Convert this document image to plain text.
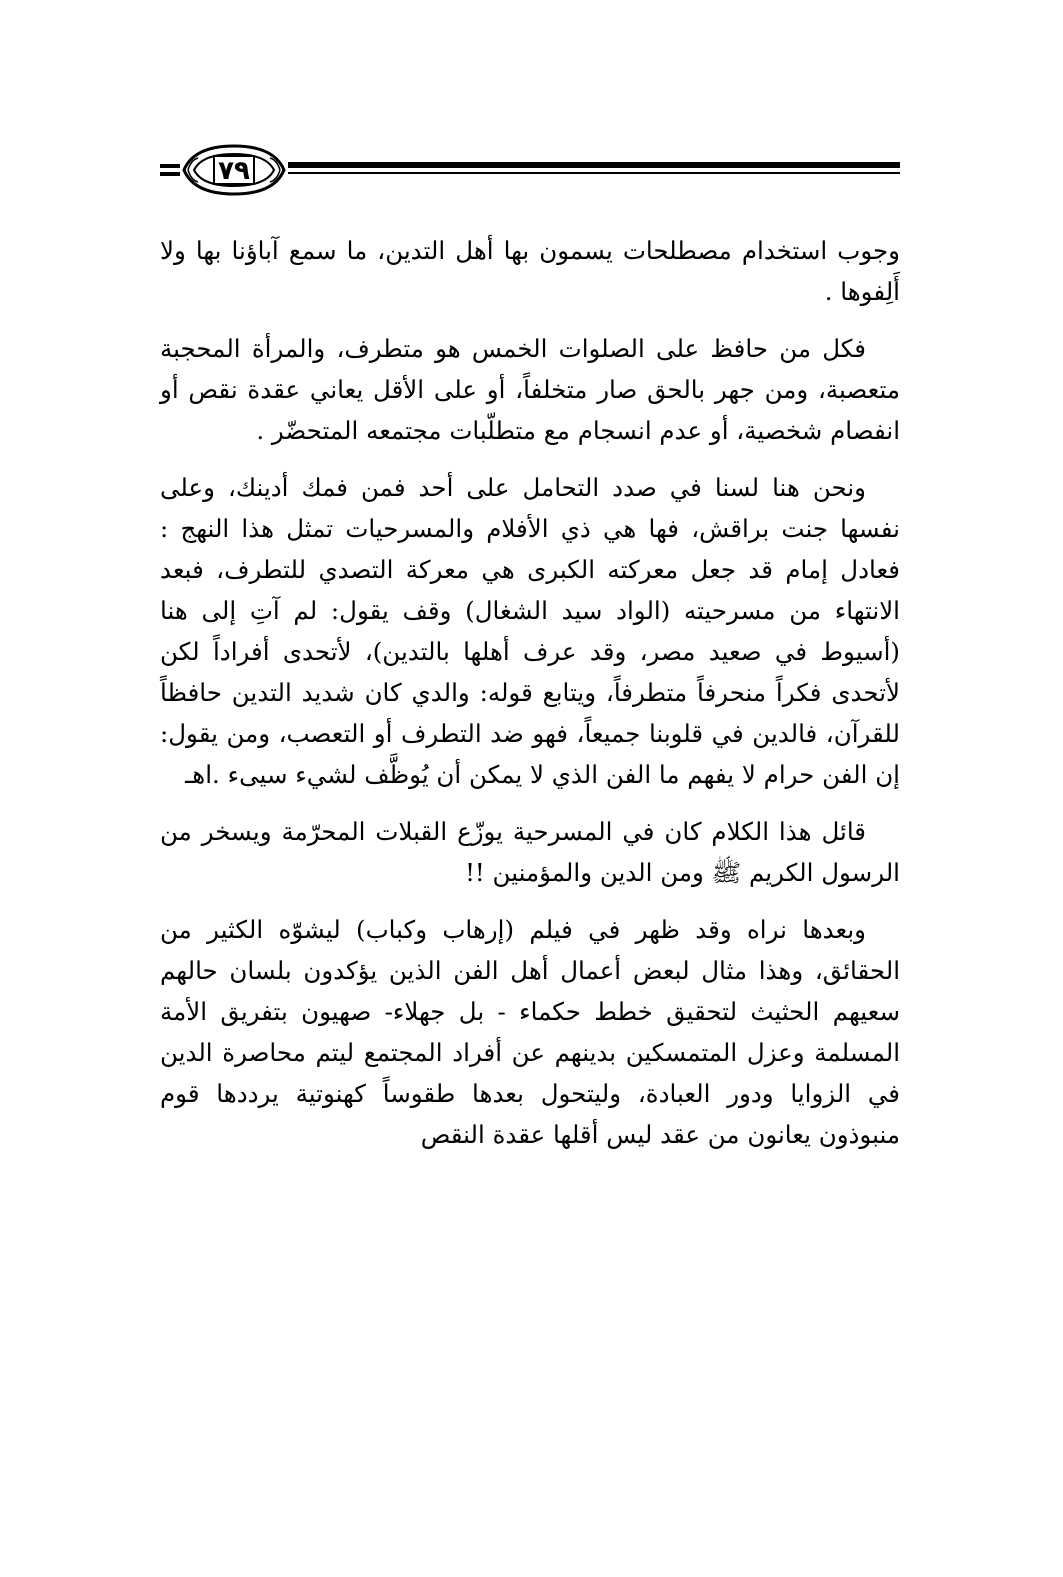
٧٩

وجوب استخدام مصطلحات يسمون بها أهل التدين، ما سمع آباؤنا بها ولا أَلِفوها .

فكل من حافظ على الصلوات الخمس هو متطرف، والمرأة المحجبة متعصبة، ومن جهر بالحق صار متخلفاً، أو على الأقل يعاني عقدة نقص أو انفصام شخصية، أو عدم انسجام مع متطلّبات مجتمعه المتحضّر .

ونحن هنا لسنا في صدد التحامل على أحد فمن فمك أدينك، وعلى نفسها جنت براقش، فها هي ذي الأفلام والمسرحيات تمثل هذا النهج : فعادل إمام قد جعل معركته الكبرى هي معركة التصدي للتطرف، فبعد الانتهاء من مسرحيته (الواد سيد الشغال) وقف يقول: لم آتِ إلى هنا (أسيوط في صعيد مصر، وقد عرف أهلها بالتدين)، لأتحدى أفراداً لكن لأتحدى فكراً منحرفاً متطرفاً، ويتابع قوله: والدي كان شديد التدين حافظاً للقرآن، فالدين في قلوبنا جميعاً، فهو ضد التطرف أو التعصب، ومن يقول: إن الفن حرام لا يفهم ما الفن الذي لا يمكن أن يُوظَّف لشيء سيىء .اهـ

قائل هذا الكلام كان في المسرحية يوزّع القبلات المحرّمة ويسخر من الرسول الكريم ﷺ ومن الدين والمؤمنين !!

وبعدها نراه وقد ظهر في فيلم (إرهاب وكباب) ليشوّه الكثير من الحقائق، وهذا مثال لبعض أعمال أهل الفن الذين يؤكدون بلسان حالهم سعيهم الحثيث لتحقيق خطط حكماء - بل جهلاء- صهيون بتفريق الأمة المسلمة وعزل المتمسكين بدينهم عن أفراد المجتمع ليتم محاصرة الدين في الزوايا ودور العبادة، وليتحول بعدها طقوساً كهنوتية يرددها قوم منبوذون يعانون من عقد ليس أقلها عقدة النقص
